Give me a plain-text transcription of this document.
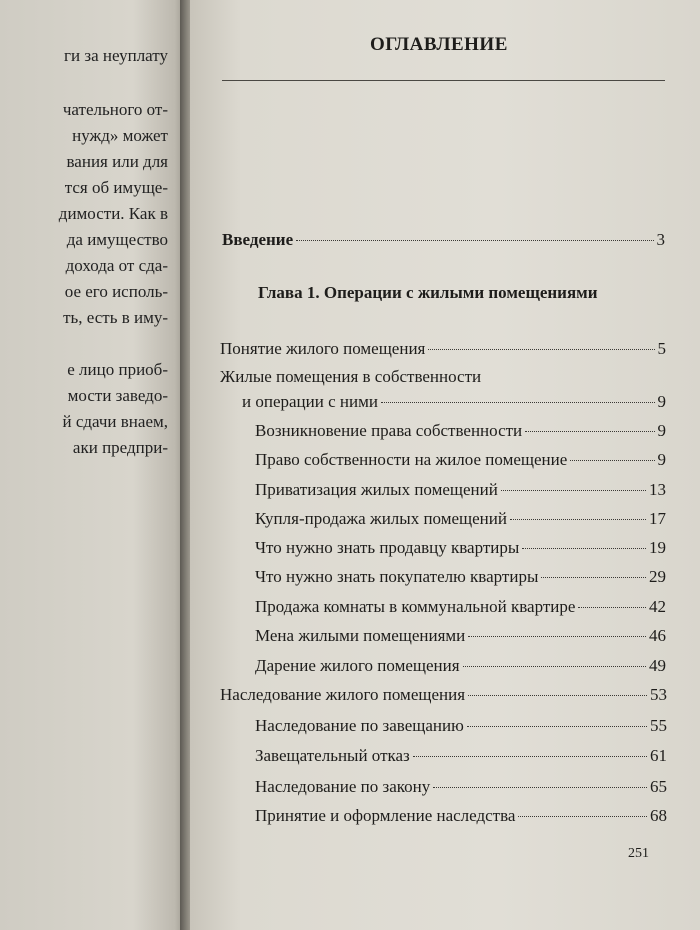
ги за неуплату
чательного от-
нужд» может
вания или для
тся об имуще-
димости. Как в
да имущество
дохода от сда-
ое его исполь-
ть, есть в иму-
е лицо приоб-
мости заведо-
й сдачи внаем,
аки предпри-
ОГЛАВЛЕНИЕ
Введение	3
Глава 1. Операции с жилыми помещениями
Понятие жилого помещения	5
Жилые помещения в собственности
и операции с ними	9
Возникновение права собственности	9
Право собственности на жилое помещение	9
Приватизация жилых помещений	13
Купля-продажа жилых помещений	17
Что нужно знать продавцу квартиры	19
Что нужно знать покупателю квартиры	29
Продажа комнаты в коммунальной квартире	42
Мена жилыми помещениями	46
Дарение жилого помещения	49
Наследование жилого помещения	53
Наследование по завещанию	55
Завещательный отказ	61
Наследование по закону	65
Принятие и оформление наследства	68
251
